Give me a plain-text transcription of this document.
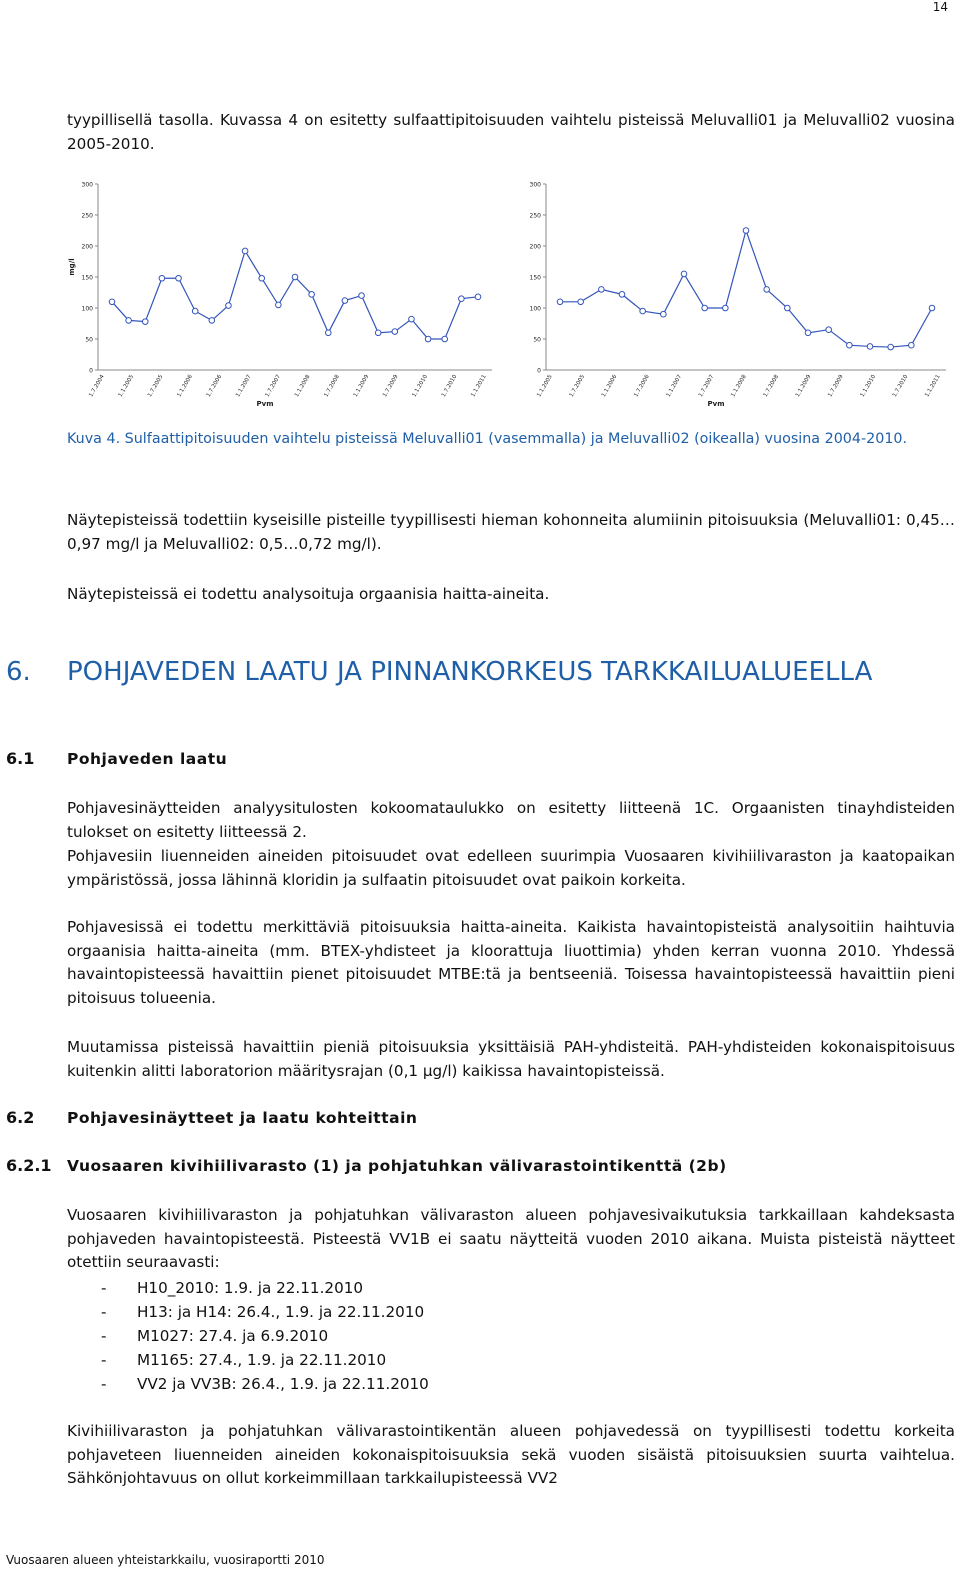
14
tyypillisellä tasolla. Kuvassa 4 on esitetty sulfaattipitoisuuden vaihtelu pisteissä Meluvalli01 ja Meluvalli02 vuosina 2005-2010.
300
250
200
150
100
50
0
mg/l
1.7.2004 1.1.2005 1.7.2005 1.1.2006 1.7.2006 1.1.2007 1.7.2007 1.1.2008 1.7.2008 1.1.2009 1.7.2009 1.1.2010 1.7.2010 1.1.2011
Pvm
300
250
200
150
100
50
0
1.1.2005	1.7.2005	1.1.2006	1.7.2006	1.1.2007	1.7.2007	1.1.2008	1.7.2008	1.1.2009	1.7.2009	1.1.2010	1.7.2010	1.1.2011
Pvm
Kuva 4. Sulfaattipitoisuuden vaihtelu pisteissä Meluvalli01 (vasemmalla) ja Meluvalli02 (oikealla) vuosina 2004-2010.
Näytepisteissä todettiin kyseisille pisteille tyypillisesti hieman kohonneita alumiinin pitoisuuksia (Meluvalli01: 0,45…0,97 mg/l ja Meluvalli02: 0,5…0,72 mg/l).
Näytepisteissä ei todettu analysoituja orgaanisia haitta-aineita.
6. POHJAVEDEN LAATU JA PINNANKORKEUS TARKKAILUALUEELLA
6.1 Pohjaveden laatu
Pohjavesinäytteiden analyysitulosten kokoomataulukko on esitetty liitteenä 1C. Orgaanisten tinayhdisteiden tulokset on esitetty liitteessä 2.
Pohjavesiin liuenneiden aineiden pitoisuudet ovat edelleen suurimpia Vuosaaren kivihiilivaraston ja kaatopaikan ympäristössä, jossa lähinnä kloridin ja sulfaatin pitoisuudet ovat paikoin korkeita.
Pohjavesissä ei todettu merkittäviä pitoisuuksia haitta-aineita. Kaikista havaintopisteistä analysoitiin haihtuvia orgaanisia haitta-aineita (mm. BTEX-yhdisteet ja kloorattuja liuottimia) yhden kerran vuonna 2010. Yhdessä havaintopisteessä havaittiin pienet pitoisuudet MTBE:tä ja bentseeniä. Toisessa havaintopisteessä havaittiin pieni pitoisuus tolueenia.
Muutamissa pisteissä havaittiin pieniä pitoisuuksia yksittäisiä PAH-yhdisteitä. PAH-yhdisteiden kokonaispitoisuus kuitenkin alitti laboratorion määritysrajan (0,1 µg/l) kaikissa havaintopisteissä.
6.2 Pohjavesinäytteet ja laatu kohteittain
6.2.1 Vuosaaren kivihiilivarasto (1) ja pohjatuhkan välivarastointikenttä (2b)
Vuosaaren kivihiilivaraston ja pohjatuhkan välivaraston alueen pohjavesivaikutuksia tarkkaillaan kahdeksasta pohjaveden havaintopisteestä. Pisteestä VV1B ei saatu näytteitä vuoden 2010 aikana. Muista pisteistä näytteet otettiin seuraavasti:
- H10_2010: 1.9. ja 22.11.2010
- H13: ja H14: 26.4., 1.9. ja 22.11.2010
- M1027: 27.4. ja 6.9.2010
- M1165: 27.4., 1.9. ja 22.11.2010
- VV2 ja VV3B: 26.4., 1.9. ja 22.11.2010
Kivihiilivaraston ja pohjatuhkan välivarastointikentän alueen pohjavedessä on tyypillisesti todettu korkeita pohjaveteen liuenneiden aineiden kokonaispitoisuuksia sekä vuoden sisäistä pitoisuuksien suurta vaihtelua. Sähkönjohtavuus on ollut korkeimmillaan tarkkailupisteessä VV2
Vuosaaren alueen yhteistarkkailu, vuosiraportti 2010
